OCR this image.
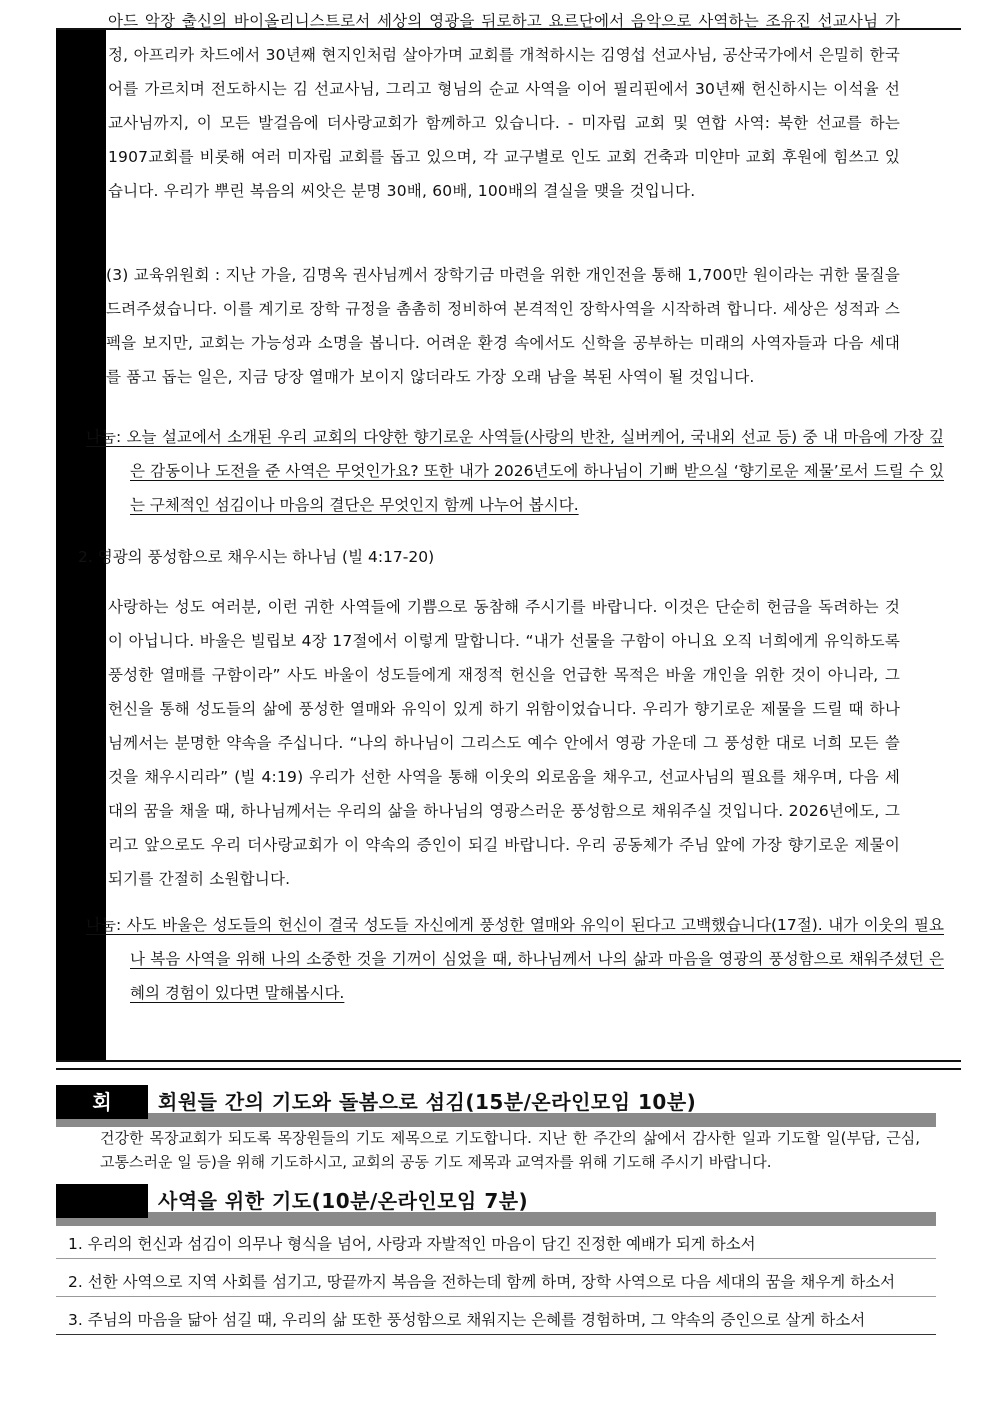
아드 악장 출신의 바이올리니스트로서 세상의 영광을 뒤로하고 요르단에서 음악으로 사역하는 조유진 선교사님 가정, 아프리카 차드에서 30년째 현지인처럼 살아가며 교회를 개척하시는 김영섭 선교사님, 공산국가에서 은밀히 한국어를 가르치며 전도하시는 김 선교사님, 그리고 형님의 순교 사역을 이어 필리핀에서 30년째 헌신하시는 이석율 선교사님까지, 이 모든 발걸음에 더사랑교회가 함께하고 있습니다. - 미자립 교회 및 연합 사역: 북한 선교를 하는 1907교회를 비롯해 여러 미자립 교회를 돕고 있으며, 각 교구별로 인도 교회 건축과 미얀마 교회 후원에 힘쓰고 있습니다. 우리가 뿌린 복음의 씨앗은 분명 30배, 60배, 100배의 결실을 맺을 것입니다.

(3) 교육위원회 : 지난 가을, 김명옥 권사님께서 장학기금 마련을 위한 개인전을 통해 1,700만 원이라는 귀한 물질을 드려주셨습니다. 이를 계기로 장학 규정을 촘촘히 정비하여 본격적인 장학사역을 시작하려 합니다. 세상은 성적과 스펙을 보지만, 교회는 가능성과 소명을 봅니다. 어려운 환경 속에서도 신학을 공부하는 미래의 사역자들과 다음 세대를 품고 돕는 일은, 지금 당장 열매가 보이지 않더라도 가장 오래 남을 복된 사역이 될 것입니다.

나눔: 오늘 설교에서 소개된 우리 교회의 다양한 향기로운 사역들(사랑의 반찬, 실버케어, 국내외 선교 등) 중 내 마음에 가장 깊은 감동이나 도전을 준 사역은 무엇인가요? 또한 내가 2026년도에 하나님이 기뻐 받으실 ‘향기로운 제물’로서 드릴 수 있는 구체적인 섬김이나 마음의 결단은 무엇인지 함께 나누어 봅시다.

2. 영광의 풍성함으로 채우시는 하나님 (빌 4:17-20)

사랑하는 성도 여러분, 이런 귀한 사역들에 기쁨으로 동참해 주시기를 바랍니다. 이것은 단순히 헌금을 독려하는 것이 아닙니다. 바울은 빌립보 4장 17절에서 이렇게 말합니다. “내가 선물을 구함이 아니요 오직 너희에게 유익하도록 풍성한 열매를 구함이라” 사도 바울이 성도들에게 재정적 헌신을 언급한 목적은 바울 개인을 위한 것이 아니라, 그 헌신을 통해 성도들의 삶에 풍성한 열매와 유익이 있게 하기 위함이었습니다. 우리가 향기로운 제물을 드릴 때 하나님께서는 분명한 약속을 주십니다. “나의 하나님이 그리스도 예수 안에서 영광 가운데 그 풍성한 대로 너희 모든 쓸 것을 채우시리라” (빌 4:19) 우리가 선한 사역을 통해 이웃의 외로움을 채우고, 선교사님의 필요를 채우며, 다음 세대의 꿈을 채울 때, 하나님께서는 우리의 삶을 하나님의 영광스러운 풍성함으로 채워주실 것입니다. 2026년에도, 그리고 앞으로도 우리 더사랑교회가 이 약속의 증인이 되길 바랍니다. 우리 공동체가 주님 앞에 가장 향기로운 제물이 되기를 간절히 소원합니다.

나눔: 사도 바울은 성도들의 헌신이 결국 성도들 자신에게 풍성한 열매와 유익이 된다고 고백했습니다(17절). 내가 이웃의 필요나 복음 사역을 위해 나의 소중한 것을 기꺼이 심었을 때, 하나님께서 나의 삶과 마음을 영광의 풍성함으로 채워주셨던 은혜의 경험이 있다면 말해봅시다.

회	회원들 간의 기도와 돌봄으로 섬김(15분/온라인모임 10분)

건강한 목장교회가 되도록 목장원들의 기도 제목으로 기도합니다. 지난 한 주간의 삶에서 감사한 일과 기도할 일(부담, 근심, 고통스러운 일 등)을 위해 기도하시고, 교회의 공동 기도 제목과 교역자를 위해 기도해 주시기 바랍니다.

사역을 위한 기도(10분/온라인모임 7분)
1. 우리의 헌신과 섬김이 의무나 형식을 넘어, 사랑과 자발적인 마음이 담긴 진정한 예배가 되게 하소서
2. 선한 사역으로 지역 사회를 섬기고, 땅끝까지 복음을 전하는데 함께 하며, 장학 사역으로 다음 세대의 꿈을 채우게 하소서
3. 주님의 마음을 닮아 섬길 때, 우리의 삶 또한 풍성함으로 채워지는 은혜를 경험하며, 그 약속의 증인으로 살게 하소서
